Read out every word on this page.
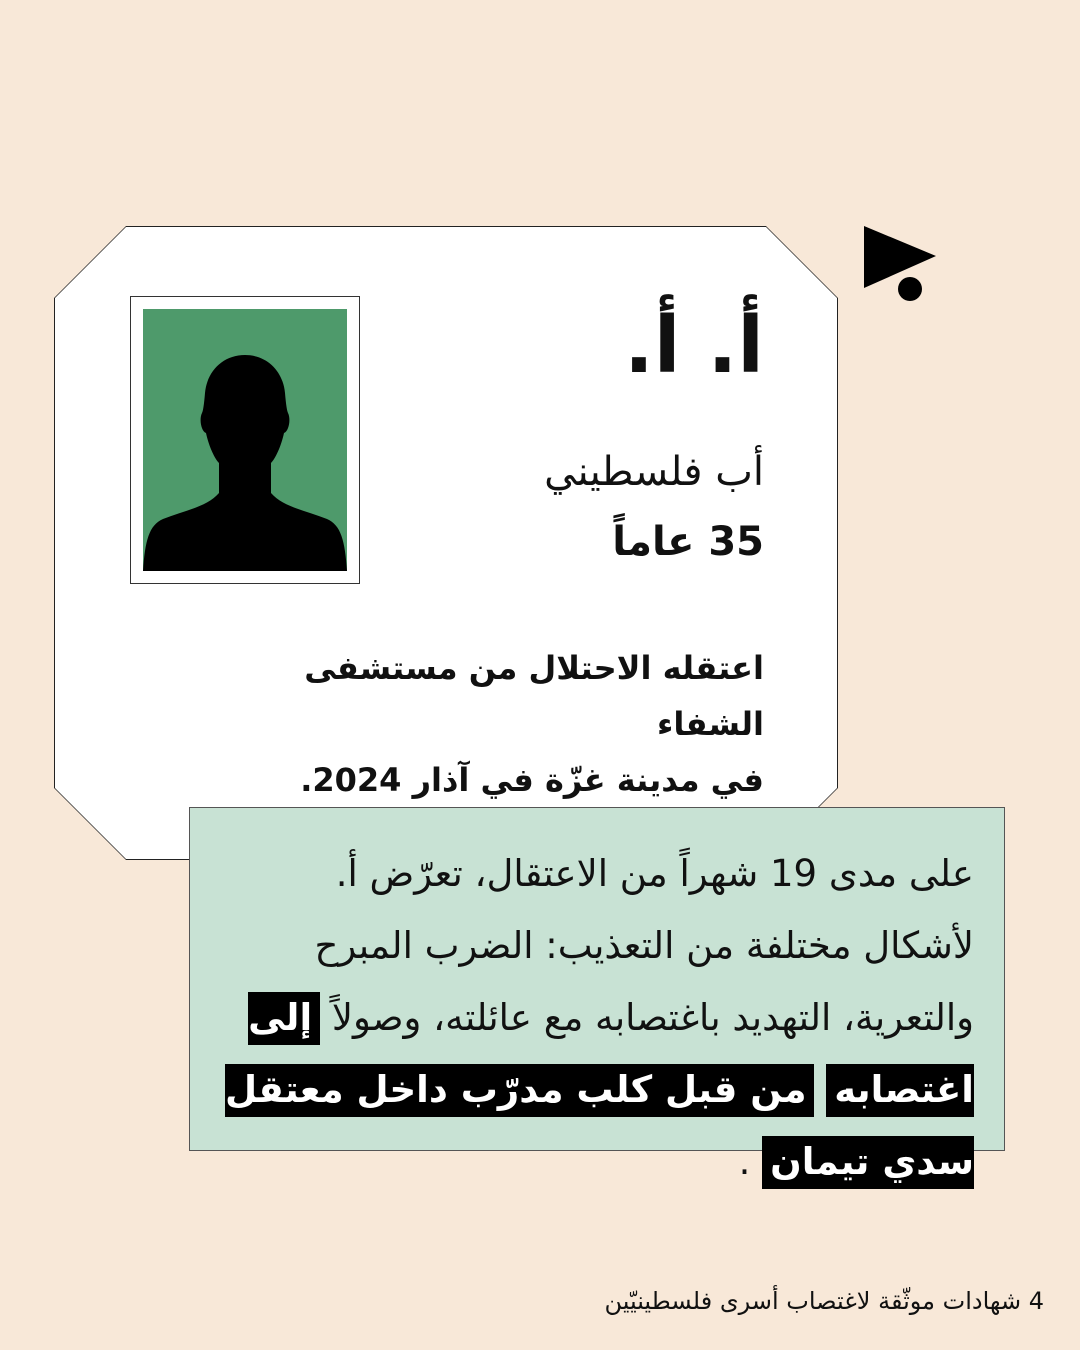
أ. أ.
أب فلسطيني
35 عاماً
اعتقله الاحتلال من مستشفى الشفاء
في مدينة غزّة في آذار 2024.

على مدى 19 شهراً من الاعتقال، تعرّض أ. لأشكال مختلفة من التعذيب: الضرب المبرح والتعرية، التهديد باغتصابه مع عائلته، وصولاً إلى اغتصابه من قبل كلب مدرّب داخل معتقل سدي تيمان .

4 شهادات موثّقة لاغتصاب أسرى فلسطينيّين
